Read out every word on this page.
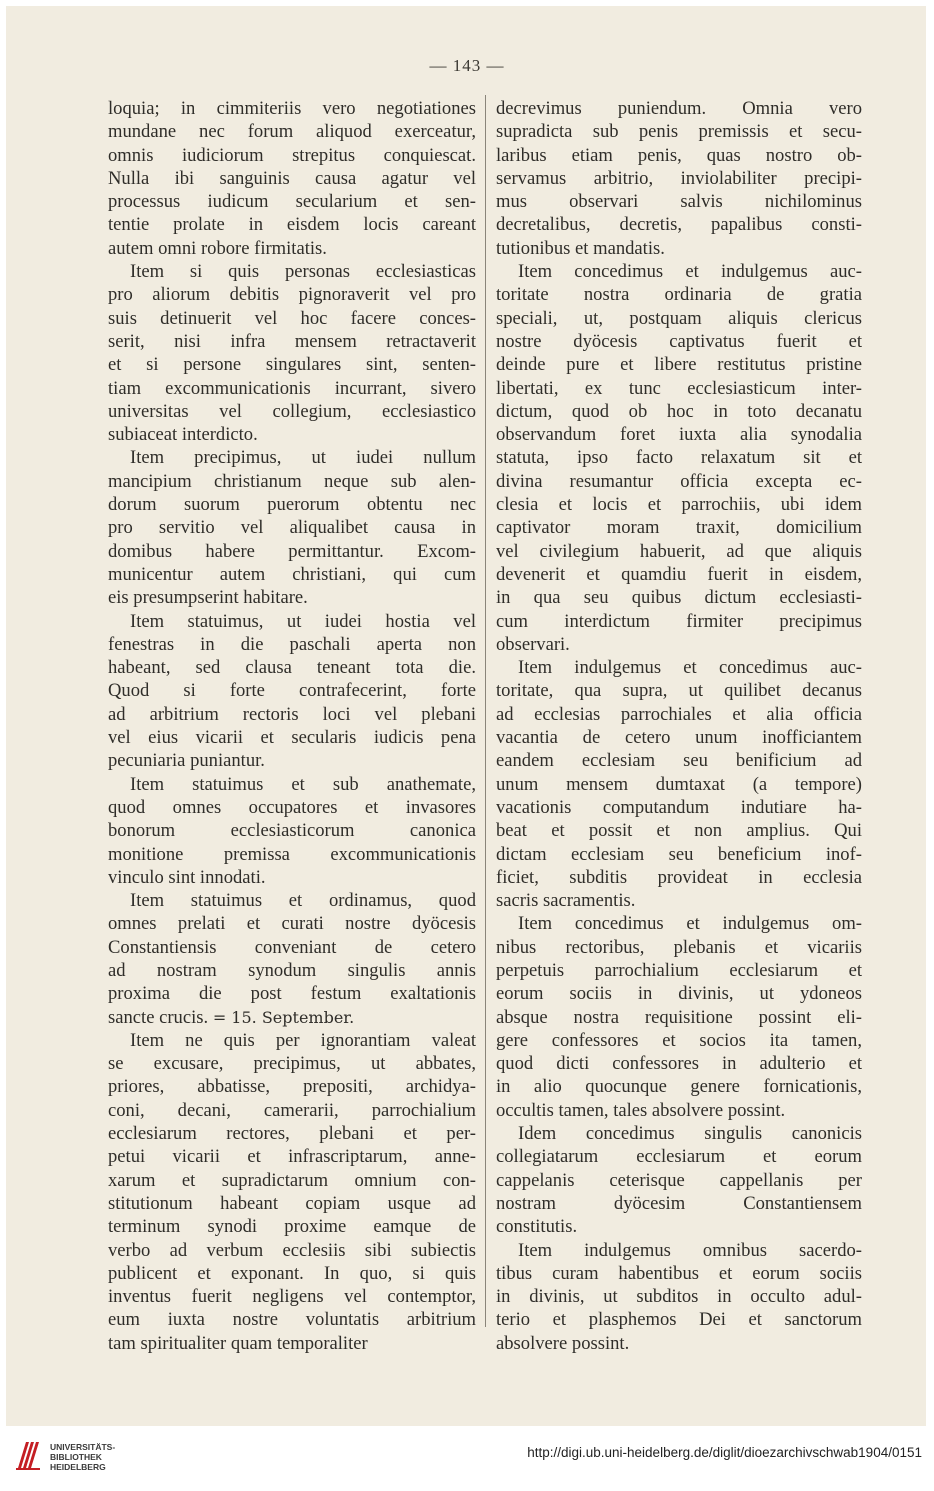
— 143 —
loquia; in cimmiteriis vero negotiationes
mundane nec forum aliquod exerceatur,
omnis iudiciorum strepitus conquiescat.
Nulla ibi sanguinis causa agatur vel
processus iudicum secularium et sen-
tentie prolate in eisdem locis careant
autem omni robore firmitatis.
Item si quis personas ecclesiasticas
pro aliorum debitis pignoraverit vel pro
suis detinuerit vel hoc facere conces-
serit, nisi infra mensem retractaverit
et si persone singulares sint, senten-
tiam excommunicationis incurrant, sivero
universitas vel collegium, ecclesiastico
subiaceat interdicto.
Item precipimus, ut iudei nullum
mancipium christianum neque sub alen-
dorum suorum puerorum obtentu nec
pro servitio vel aliqualibet causa in
domibus habere permittantur. Excom-
municentur autem christiani, qui cum
eis presumpserint habitare.
Item statuimus, ut iudei hostia vel
fenestras in die paschali aperta non
habeant, sed clausa teneant tota die.
Quod si forte contrafecerint, forte
ad arbitrium rectoris loci vel plebani
vel eius vicarii et secularis iudicis pena
pecuniaria puniantur.
Item statuimus et sub anathemate,
quod omnes occupatores et invasores
bonorum ecclesiasticorum canonica
monitione premissa excommunicationis
vinculo sint innodati.
Item statuimus et ordinamus, quod
omnes prelati et curati nostre dyöcesis
Constantiensis conveniant de cetero
ad nostram synodum singulis annis
proxima die post festum exaltationis
sancte crucis. = 15. September.
Item ne quis per ignorantiam valeat
se excusare, precipimus, ut abbates,
priores, abbatisse, prepositi, archidya-
coni, decani, camerarii, parrochialium
ecclesiarum rectores, plebani et per-
petui vicarii et infrascriptarum, anne-
xarum et supradictarum omnium con-
stitutionum habeant copiam usque ad
terminum synodi proxime eamque de
verbo ad verbum ecclesiis sibi subiectis
publicent et exponant. In quo, si quis
inventus fuerit negligens vel contemptor,
eum iuxta nostre voluntatis arbitrium
tam spiritualiter quam temporaliter
decrevimus puniendum. Omnia vero
supradicta sub penis premissis et secu-
laribus etiam penis, quas nostro ob-
servamus arbitrio, inviolabiliter precipi-
mus observari salvis nichilominus
decretalibus, decretis, papalibus consti-
tutionibus et mandatis.
Item concedimus et indulgemus auc-
toritate nostra ordinaria de gratia
speciali, ut, postquam aliquis clericus
nostre dyöcesis captivatus fuerit et
deinde pure et libere restitutus pristine
libertati, ex tunc ecclesiasticum inter-
dictum, quod ob hoc in toto decanatu
observandum foret iuxta alia synodalia
statuta, ipso facto relaxatum sit et
divina resumantur officia excepta ec-
clesia et locis et parrochiis, ubi idem
captivator moram traxit, domicilium
vel civilegium habuerit, ad que aliquis
devenerit et quamdiu fuerit in eisdem,
in qua seu quibus dictum ecclesiasti-
cum interdictum firmiter precipimus
observari.
Item indulgemus et concedimus auc-
toritate, qua supra, ut quilibet decanus
ad ecclesias parrochiales et alia officia
vacantia de cetero unum inofficiantem
eandem ecclesiam seu benificium ad
unum mensem dumtaxat (a tempore)
vacationis computandum indutiare ha-
beat et possit et non amplius. Qui
dictam ecclesiam seu beneficium inof-
ficiet, subditis provideat in ecclesia
sacris sacramentis.
Item concedimus et indulgemus om-
nibus rectoribus, plebanis et vicariis
perpetuis parrochialium ecclesiarum et
eorum sociis in divinis, ut ydoneos
absque nostra requisitione possint eli-
gere confessores et socios ita tamen,
quod dicti confessores in adulterio et
in alio quocunque genere fornicationis,
occultis tamen, tales absolvere possint.
Idem concedimus singulis canonicis
collegiatarum ecclesiarum et eorum
cappelanis ceterisque cappellanis per
nostram dyöcesim Constantiensem
constitutis.
Item indulgemus omnibus sacerdo-
tibus curam habentibus et eorum sociis
in divinis, ut subditos in occulto adul-
terio et plasphemos Dei et sanctorum
absolvere possint.
UNIVERSITÄTS-
BIBLIOTHEK
HEIDELBERG
http://digi.ub.uni-heidelberg.de/diglit/dioezarchivschwab1904/0151
